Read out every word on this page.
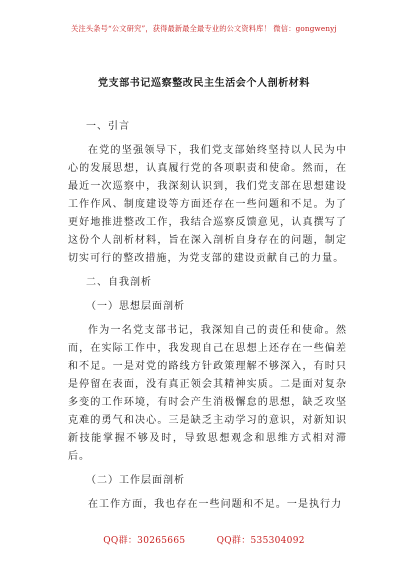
关注头条号“公文研究”，获得最新最全最专业的公文资料库！ 微信：gongwenyj
党支部书记巡察整改民主生活会个人剖析材料
一、引言
在党的坚强领导下，我们党支部始终坚持以人民为中心的发展思想，认真履行党的各项职责和使命。然而，在最近一次巡察中，我深刻认识到，我们党支部在思想建设工作作风、制度建设等方面还存在一些问题和不足。为了更好地推进整改工作，我结合巡察反馈意见，认真撰写了这份个人剖析材料，旨在深入剖析自身存在的问题，制定切实可行的整改措施，为党支部的建设贡献自己的力量。
二、自我剖析
（一）思想层面剖析
作为一名党支部书记，我深知自己的责任和使命。然而，在实际工作中，我发现自己在思想上还存在一些偏差和不足。一是对党的路线方针政策理解不够深入，有时只是停留在表面，没有真正领会其精神实质。二是面对复杂多变的工作环境，有时会产生消极懈怠的思想，缺乏攻坚克难的勇气和决心。三是缺乏主动学习的意识，对新知识新技能掌握不够及时，导致思想观念和思维方式相对滞后。
（二）工作层面剖析
在工作方面，我也存在一些问题和不足。一是执行力
QQ群：30265665	QQ群：535304092
